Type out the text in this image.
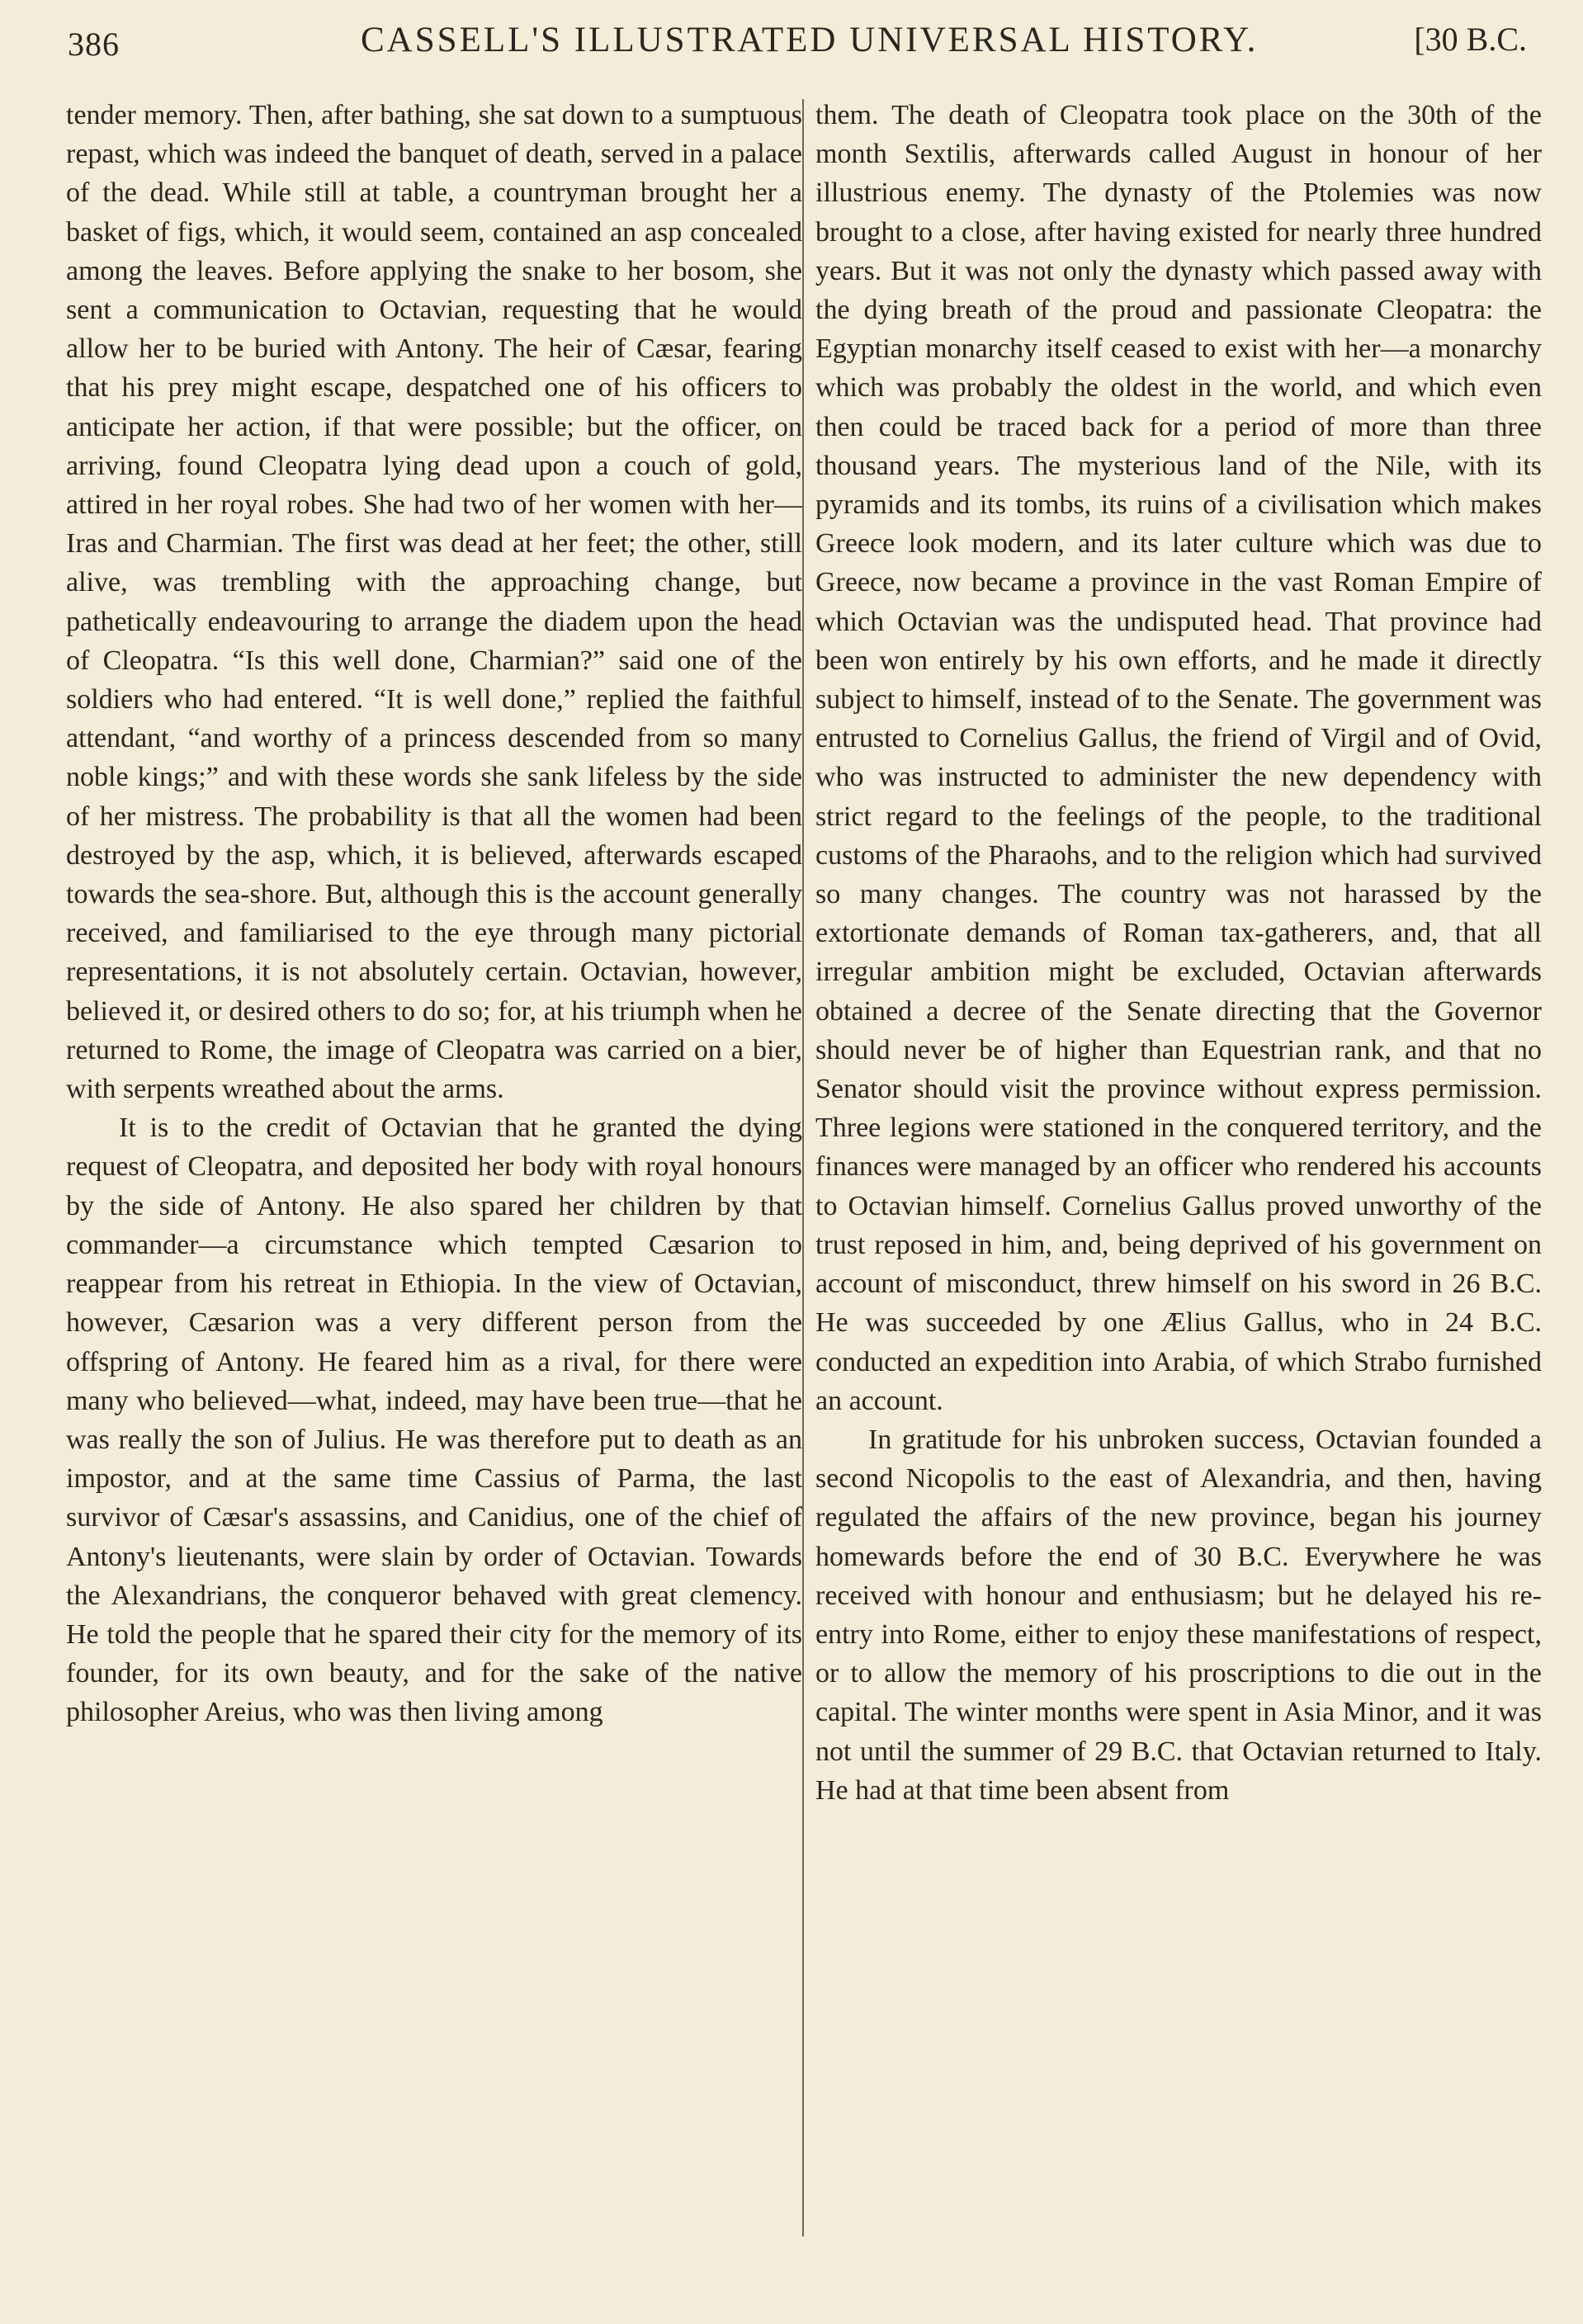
386	CASSELL'S ILLUSTRATED UNIVERSAL HISTORY.	[30 B.C.

tender memory. Then, after bathing, she sat down to a sumptuous repast, which was indeed the banquet of death, served in a palace of the dead. While still at table, a countryman brought her a basket of figs, which, it would seem, contained an asp concealed among the leaves. Before applying the snake to her bosom, she sent a communication to Octavian, requesting that he would allow her to be buried with Antony. The heir of Cæsar, fearing that his prey might escape, despatched one of his officers to anticipate her action, if that were possible; but the officer, on arriving, found Cleopatra lying dead upon a couch of gold, attired in her royal robes. She had two of her women with her—Iras and Charmian. The first was dead at her feet; the other, still alive, was trembling with the approaching change, but pathetically endeavouring to arrange the diadem upon the head of Cleopatra. “Is this well done, Charmian?” said one of the soldiers who had entered. “It is well done,” replied the faithful attendant, “and worthy of a princess descended from so many noble kings;” and with these words she sank lifeless by the side of her mistress. The probability is that all the women had been destroyed by the asp, which, it is believed, afterwards escaped towards the sea-shore. But, although this is the account generally received, and familiarised to the eye through many pictorial representations, it is not absolutely certain. Octavian, however, believed it, or desired others to do so; for, at his triumph when he returned to Rome, the image of Cleopatra was carried on a bier, with serpents wreathed about the arms.

It is to the credit of Octavian that he granted the dying request of Cleopatra, and deposited her body with royal honours by the side of Antony. He also spared her children by that commander—a circumstance which tempted Cæsarion to reappear from his retreat in Ethiopia. In the view of Octavian, however, Cæsarion was a very different person from the offspring of Antony. He feared him as a rival, for there were many who believed—what, indeed, may have been true—that he was really the son of Julius. He was therefore put to death as an impostor, and at the same time Cassius of Parma, the last survivor of Cæsar's assassins, and Canidius, one of the chief of Antony's lieutenants, were slain by order of Octavian. Towards the Alexandrians, the conqueror behaved with great clemency. He told the people that he spared their city for the memory of its founder, for its own beauty, and for the sake of the native philosopher Areius, who was then living among

them. The death of Cleopatra took place on the 30th of the month Sextilis, afterwards called August in honour of her illustrious enemy. The dynasty of the Ptolemies was now brought to a close, after having existed for nearly three hundred years. But it was not only the dynasty which passed away with the dying breath of the proud and passionate Cleopatra: the Egyptian monarchy itself ceased to exist with her—a monarchy which was probably the oldest in the world, and which even then could be traced back for a period of more than three thousand years. The mysterious land of the Nile, with its pyramids and its tombs, its ruins of a civilisation which makes Greece look modern, and its later culture which was due to Greece, now became a province in the vast Roman Empire of which Octavian was the undisputed head. That province had been won entirely by his own efforts, and he made it directly subject to himself, instead of to the Senate. The government was entrusted to Cornelius Gallus, the friend of Virgil and of Ovid, who was instructed to administer the new dependency with strict regard to the feelings of the people, to the traditional customs of the Pharaohs, and to the religion which had survived so many changes. The country was not harassed by the extortionate demands of Roman tax-gatherers, and, that all irregular ambition might be excluded, Octavian afterwards obtained a decree of the Senate directing that the Governor should never be of higher than Equestrian rank, and that no Senator should visit the province without express permission. Three legions were stationed in the conquered territory, and the finances were managed by an officer who rendered his accounts to Octavian himself. Cornelius Gallus proved unworthy of the trust reposed in him, and, being deprived of his government on account of misconduct, threw himself on his sword in 26 B.C. He was succeeded by one Ælius Gallus, who in 24 B.C. conducted an expedition into Arabia, of which Strabo furnished an account.

In gratitude for his unbroken success, Octavian founded a second Nicopolis to the east of Alexandria, and then, having regulated the affairs of the new province, began his journey homewards before the end of 30 B.C. Everywhere he was received with honour and enthusiasm; but he delayed his re-entry into Rome, either to enjoy these manifestations of respect, or to allow the memory of his proscriptions to die out in the capital. The winter months were spent in Asia Minor, and it was not until the summer of 29 B.C. that Octavian returned to Italy. He had at that time been absent from
